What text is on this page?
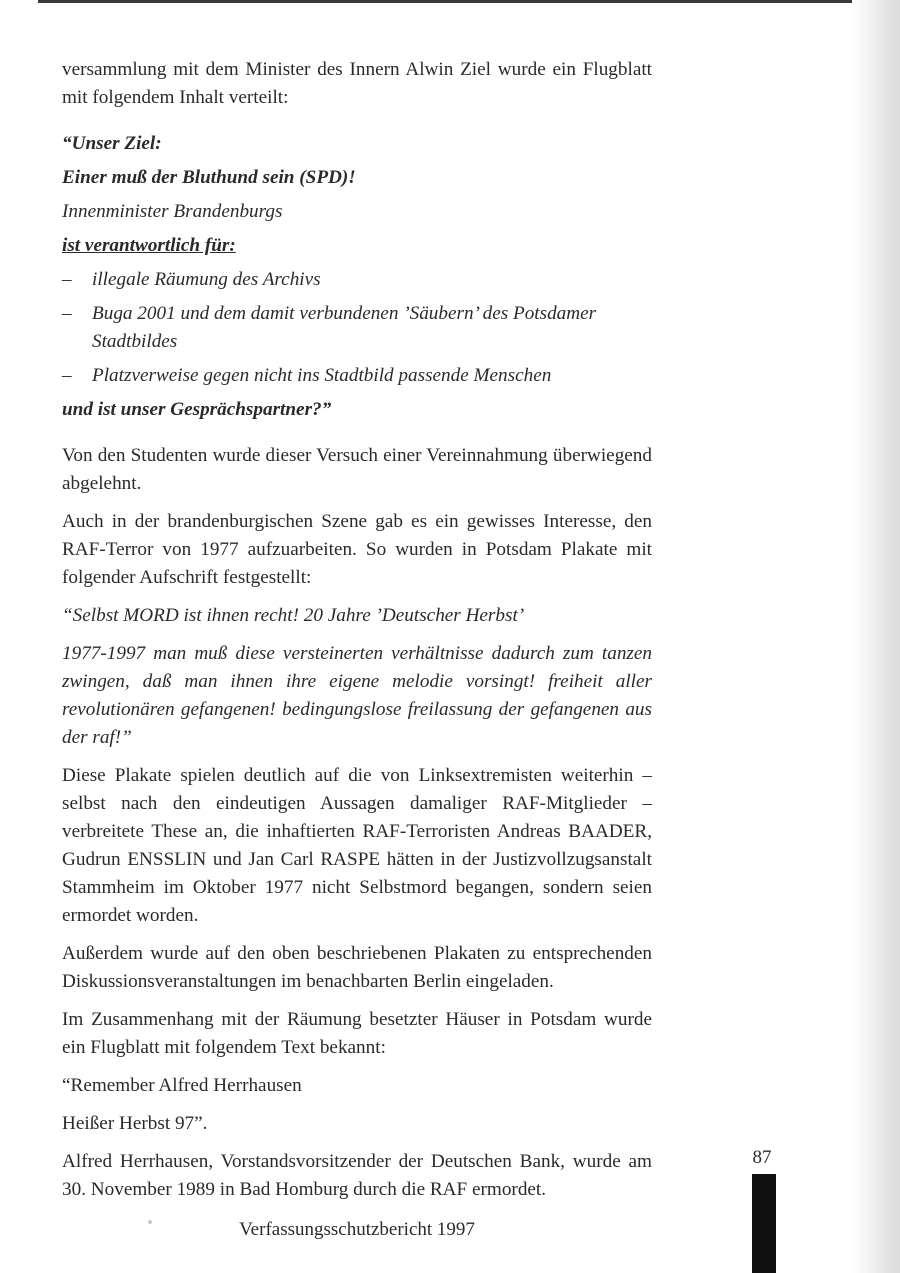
versammlung mit dem Minister des Innern Alwin Ziel wurde ein Flugblatt mit folgendem Inhalt verteilt:

“Unser Ziel:

Einer muß der Bluthund sein (SPD)!

Innenminister Brandenburgs

ist verantwortlich für:

– illegale Räumung des Archivs

– Buga 2001 und dem damit verbundenen ’Säubern’ des Potsdamer Stadtbildes

– Platzverweise gegen nicht ins Stadtbild passende Menschen

und ist unser Gesprächspartner?”

Von den Studenten wurde dieser Versuch einer Vereinnahmung überwiegend abgelehnt.

Auch in der brandenburgischen Szene gab es ein gewisses Interesse, den RAF-Terror von 1977 aufzuarbeiten. So wurden in Potsdam Plakate mit folgender Aufschrift festgestellt:

“Selbst MORD ist ihnen recht! 20 Jahre ’Deutscher Herbst’

1977-1997 man muß diese versteinerten verhältnisse dadurch zum tanzen zwingen, daß man ihnen ihre eigene melodie vorsingt! freiheit aller revolutionären gefangenen! bedingungslose freilassung der gefangenen aus der raf!”

Diese Plakate spielen deutlich auf die von Linksextremisten weiterhin – selbst nach den eindeutigen Aussagen damaliger RAF-Mitglieder – verbreitete These an, die inhaftierten RAF-Terroristen Andreas BAADER, Gudrun ENSSLIN und Jan Carl RASPE hätten in der Justizvollzugsanstalt Stammheim im Oktober 1977 nicht Selbstmord begangen, sondern seien ermordet worden.

Außerdem wurde auf den oben beschriebenen Plakaten zu entsprechenden Diskussionsveranstaltungen im benachbarten Berlin eingeladen.

Im Zusammenhang mit der Räumung besetzter Häuser in Potsdam wurde ein Flugblatt mit folgendem Text bekannt:

“Remember Alfred Herrhausen

Heißer Herbst 97”.

Alfred Herrhausen, Vorstandsvorsitzender der Deutschen Bank, wurde am 30. November 1989 in Bad Homburg durch die RAF ermordet.

87
Verfassungsschutzbericht 1997
